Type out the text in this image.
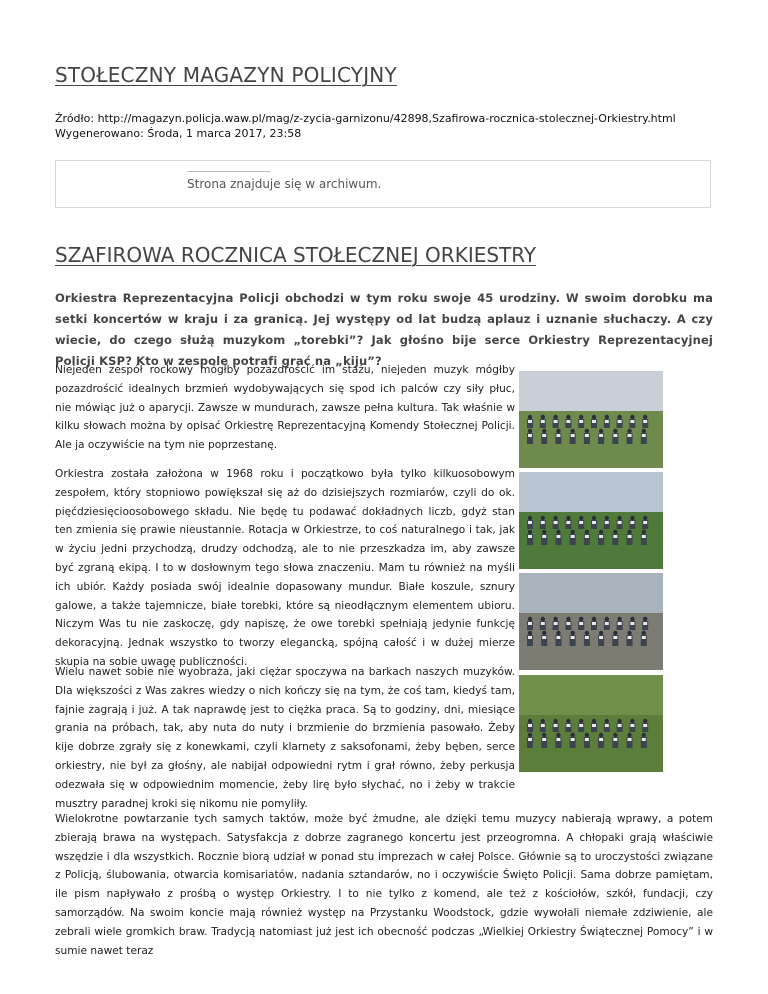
STOŁECZNY MAGAZYN POLICYJNY
Źródło: http://magazyn.policja.waw.pl/mag/z-zycia-garnizonu/42898,Szafirowa-rocznica-stolecznej-Orkiestry.html
Wygenerowano: Środa, 1 marca 2017, 23:58
Strona znajduje się w archiwum.
SZAFIROWA ROCZNICA STOŁECZNEJ ORKIESTRY

Orkiestra Reprezentacyjna Policji obchodzi w tym roku swoje 45 urodziny. W swoim dorobku ma setki koncertów w kraju i za granicą. Jej występy od lat budzą aplauz i uznanie słuchaczy. A czy wiecie, do czego służą muzykom „torebki”? Jak głośno bije serce Orkiestry Reprezentacyjnej Policji KSP? Kto w zespole potrafi grać na „kiju”?

Niejeden zespół rockowy mógłby pozazdrościć im stażu, niejeden muzyk mógłby pozazdrościć idealnych brzmień wydobywających się spod ich palców czy siły płuc, nie mówiąc już o aparycji. Zawsze w mundurach, zawsze pełna kultura. Tak właśnie w kilku słowach można by opisać Orkiestrę Reprezentacyjną Komendy Stołecznej Policji. Ale ja oczywiście na tym nie poprzestanę.

Orkiestra została założona w 1968 roku i początkowo była tylko kilkuosobowym zespołem, który stopniowo powiększał się aż do dzisiejszych rozmiarów, czyli do ok. pięćdziesięcioosobowego składu. Nie będę tu podawać dokładnych liczb, gdyż stan ten zmienia się prawie nieustannie. Rotacja w Orkiestrze, to coś naturalnego i tak, jak w życiu jedni przychodzą, drudzy odchodzą, ale to nie przeszkadza im, aby zawsze być zgraną ekipą. I to w dosłownym tego słowa znaczeniu. Mam tu również na myśli ich ubiór. Każdy posiada swój idealnie dopasowany mundur. Białe koszule, sznury galowe, a także tajemnicze, białe torebki, które są nieodłącznym elementem ubioru. Niczym Was tu nie zaskoczę, gdy napiszę, że owe torebki spełniają jedynie funkcję dekoracyjną. Jednak wszystko to tworzy elegancką, spójną całość i w dużej mierze skupia na sobie uwagę publiczności.

Wielu nawet sobie nie wyobraża, jaki ciężar spoczywa na barkach naszych muzyków. Dla większości z Was zakres wiedzy o nich kończy się na tym, że coś tam, kiedyś tam, fajnie zagrają i już. A tak naprawdę jest to ciężka praca. Są to godziny, dni, miesiące grania na próbach, tak, aby nuta do nuty i brzmienie do brzmienia pasowało. Żeby kije dobrze zgrały się z konewkami, czyli klarnety z saksofonami, żeby bęben, serce orkiestry, nie był za głośny, ale nabijał odpowiedni rytm i grał równo, żeby perkusja odezwała się w odpowiednim momencie, żeby lirę było słychać, no i żeby w trakcie musztry paradnej kroki się nikomu nie pomyliły.

Wielokrotne powtarzanie tych samych taktów, może być żmudne, ale dzięki temu muzycy nabierają wprawy, a potem zbierają brawa na występach. Satysfakcja z dobrze zagranego koncertu jest przeogromna. A chłopaki grają właściwie wszędzie i dla wszystkich. Rocznie biorą udział w ponad stu imprezach w całej Polsce. Głównie są to uroczystości związane z Policją, ślubowania, otwarcia komisariatów, nadania sztandarów, no i oczywiście Święto Policji. Sama dobrze pamiętam, ile pism napływało z prośbą o występ Orkiestry. I to nie tylko z komend, ale też z kościołów, szkół, fundacji, czy samorządów. Na swoim koncie mają również występ na Przystanku Woodstock, gdzie wywołali niemałe zdziwienie, ale zebrali wiele gromkich braw. Tradycją natomiast już jest ich obecność podczas „Wielkiej Orkiestry Świątecznej Pomocy” i w sumie nawet teraz
